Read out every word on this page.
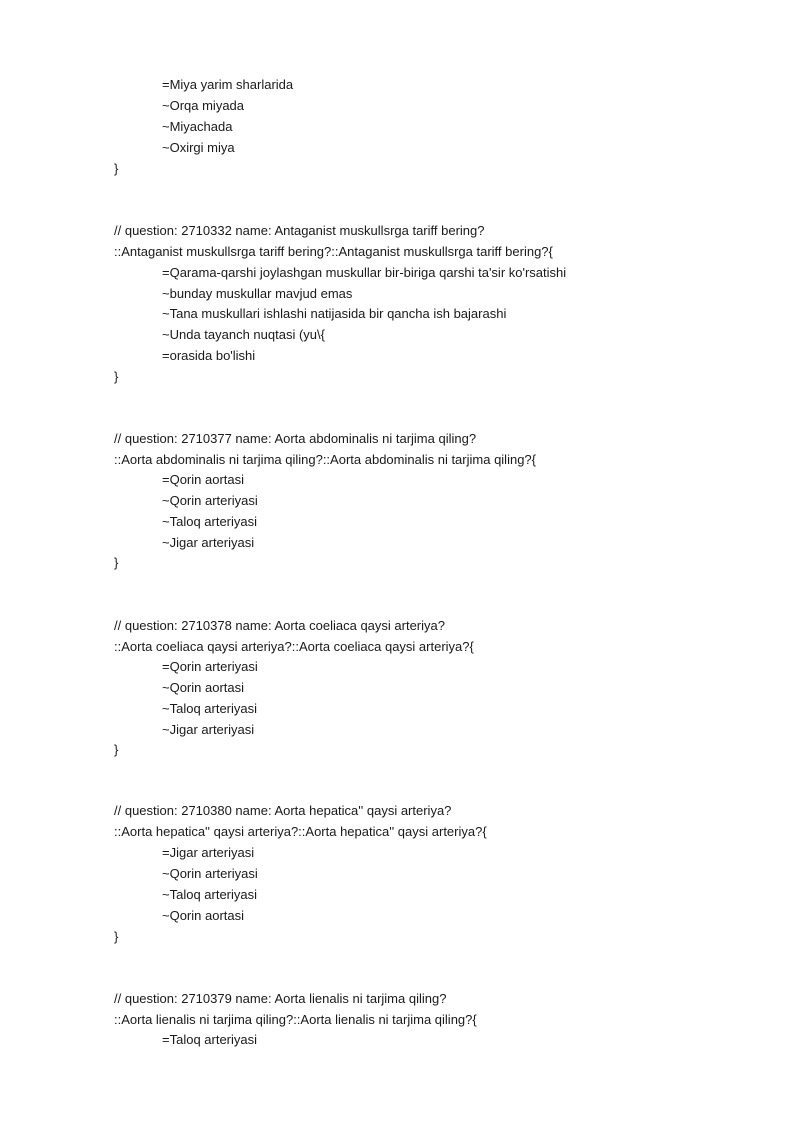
=Miya yarim sharlarida
~Orqa miyada
~Miyachada
~Oxirgi miya
}
// question: 2710332 name: Antaganist muskullsrga tariff bering?
::Antaganist muskullsrga tariff bering?::Antaganist muskullsrga tariff bering?{
=Qarama-qarshi joylashgan muskullar bir-biriga qarshi ta'sir ko'rsatishi
~bunday muskullar mavjud emas
~Tana muskullari ishlashi natijasida bir qancha ish bajarashi
~Unda tayanch nuqtasi (yu\{
=orasida bo'lishi
}
// question: 2710377 name: Aorta abdominalis ni tarjima qiling?
::Aorta abdominalis ni tarjima qiling?::Aorta abdominalis ni tarjima qiling?{
=Qorin aortasi
~Qorin arteriyasi
~Taloq arteriyasi
~Jigar arteriyasi
}
// question: 2710378 name: Aorta coeliaca qaysi arteriya?
::Aorta coeliaca qaysi arteriya?::Aorta coeliaca qaysi arteriya?{
=Qorin arteriyasi
~Qorin aortasi
~Taloq arteriyasi
~Jigar arteriyasi
}
// question: 2710380 name: Aorta hepatica'' qaysi arteriya?
::Aorta hepatica'' qaysi arteriya?::Aorta hepatica'' qaysi arteriya?{
=Jigar arteriyasi
~Qorin arteriyasi
~Taloq arteriyasi
~Qorin aortasi
}
// question: 2710379 name: Aorta lienalis ni tarjima qiling?
::Aorta lienalis ni tarjima qiling?::Aorta lienalis ni tarjima qiling?{
=Taloq arteriyasi
